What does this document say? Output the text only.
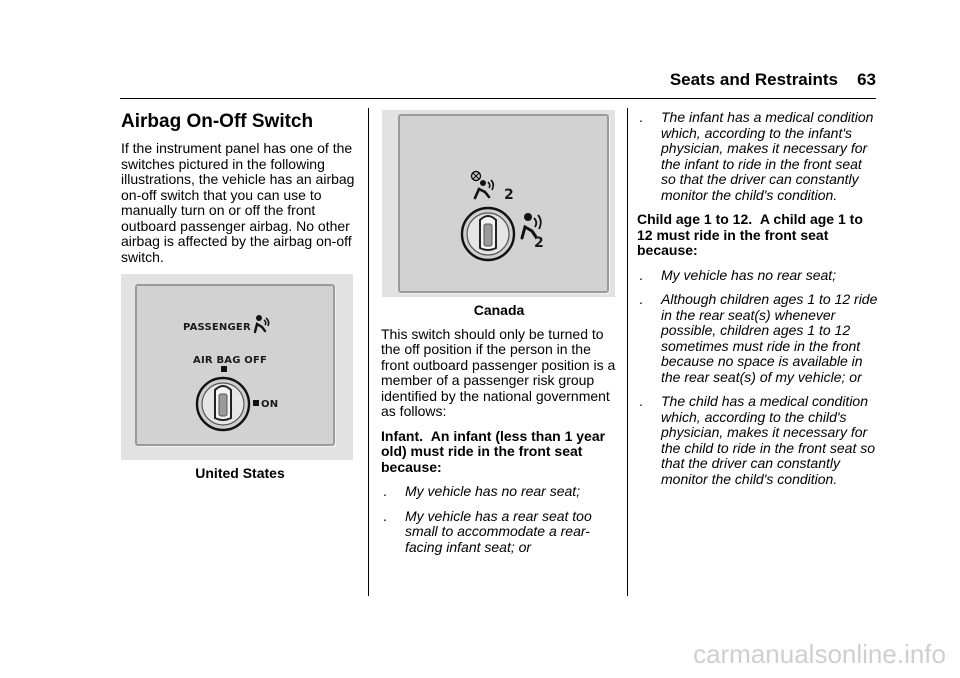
Seats and Restraints 63
Airbag On-Off Switch

If the instrument panel has one of the switches pictured in the following illustrations, the vehicle has an airbag on-off switch that you can use to manually turn on or off the front outboard passenger airbag. No other airbag is affected by the airbag on-off switch.

PASSENGER
AIR BAG OFF
ON
United States
2
2
Canada

This switch should only be turned to the off position if the person in the front outboard passenger position is a member of a passenger risk group identified by the national government as follows:

Infant. An infant (less than 1 year old) must ride in the front seat because:

. My vehicle has no rear seat;
. My vehicle has a rear seat too small to accommodate a rear-facing infant seat; or
. The infant has a medical condition which, according to the infant's physician, makes it necessary for the infant to ride in the front seat so that the driver can constantly monitor the child's condition.

Child age 1 to 12. A child age 1 to 12 must ride in the front seat because:

. My vehicle has no rear seat;
. Although children ages 1 to 12 ride in the rear seat(s) whenever possible, children ages 1 to 12 sometimes must ride in the front because no space is available in the rear seat(s) of my vehicle; or
. The child has a medical condition which, according to the child's physician, makes it necessary for the child to ride in the front seat so that the driver can constantly monitor the child's condition.
carmanualsonline.info
